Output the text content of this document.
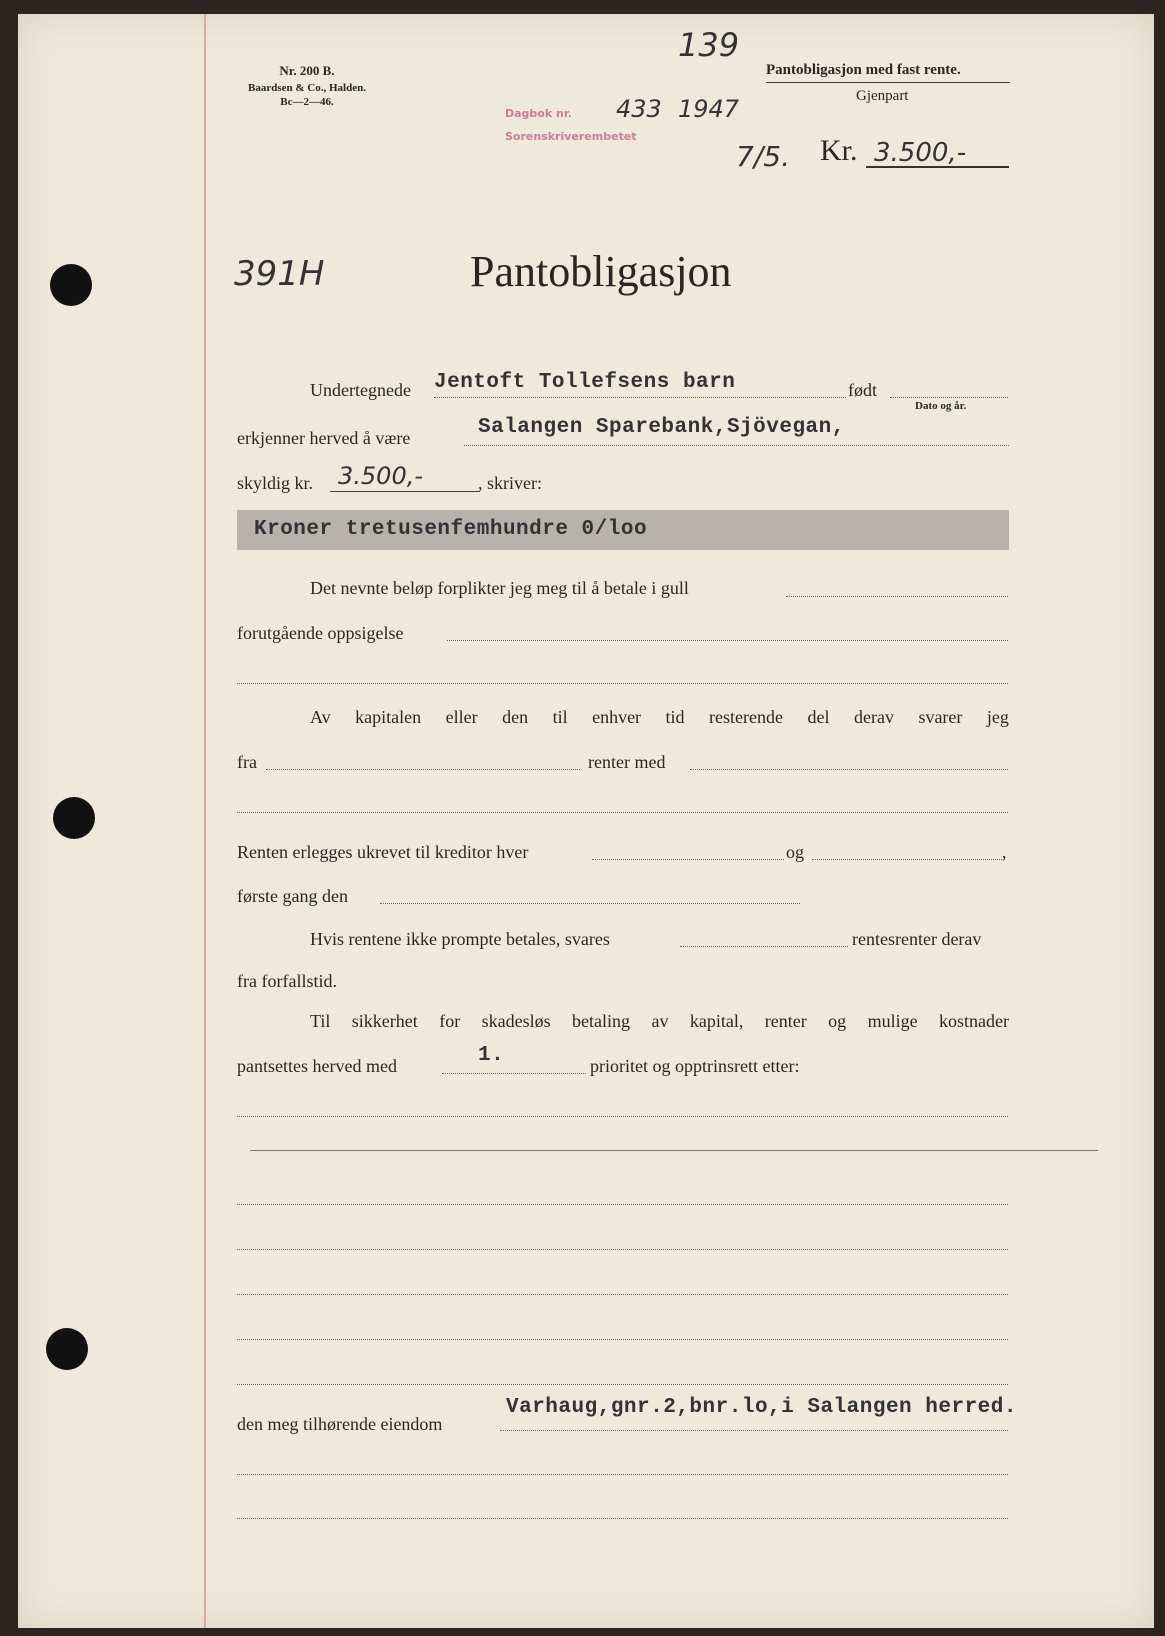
Nr. 200 B.
Baardsen & Co., Halden.
Bc—2—46.
139
Dagbok nr.
Sorenskriverembetet
433 1947
7/5.
Pantobligasjon med fast rente.
Gjenpart
Kr. 3.500,-
391H	Pantobligasjon
Undertegnede Jentoft Tollefsens barn	født
Dato og år.
erkjenner herved å være	Salangen Sparebank,Sjövegan,
skyldig kr. 3.500,-	, skriver:
Kroner tretusenfemhundre 0/loo
Det nevnte beløp forplikter jeg meg til å betale i gull
forutgående oppsigelse
Av kapitalen eller den til enhver tid resterende del derav svarer jeg
fra	renter med
Renten erlegges ukrevet til kreditor hver	og	,
første gang den
Hvis rentene ikke prompte betales, svares	rentesrenter derav
fra forfallstid.
Til sikkerhet for skadesløs betaling av kapital, renter og mulige kostnader
pantsettes herved med	1.	prioritet og opptrinsrett etter:
den meg tilhørende eiendom
Varhaug,gnr.2,bnr.lo,i Salangen herred.
